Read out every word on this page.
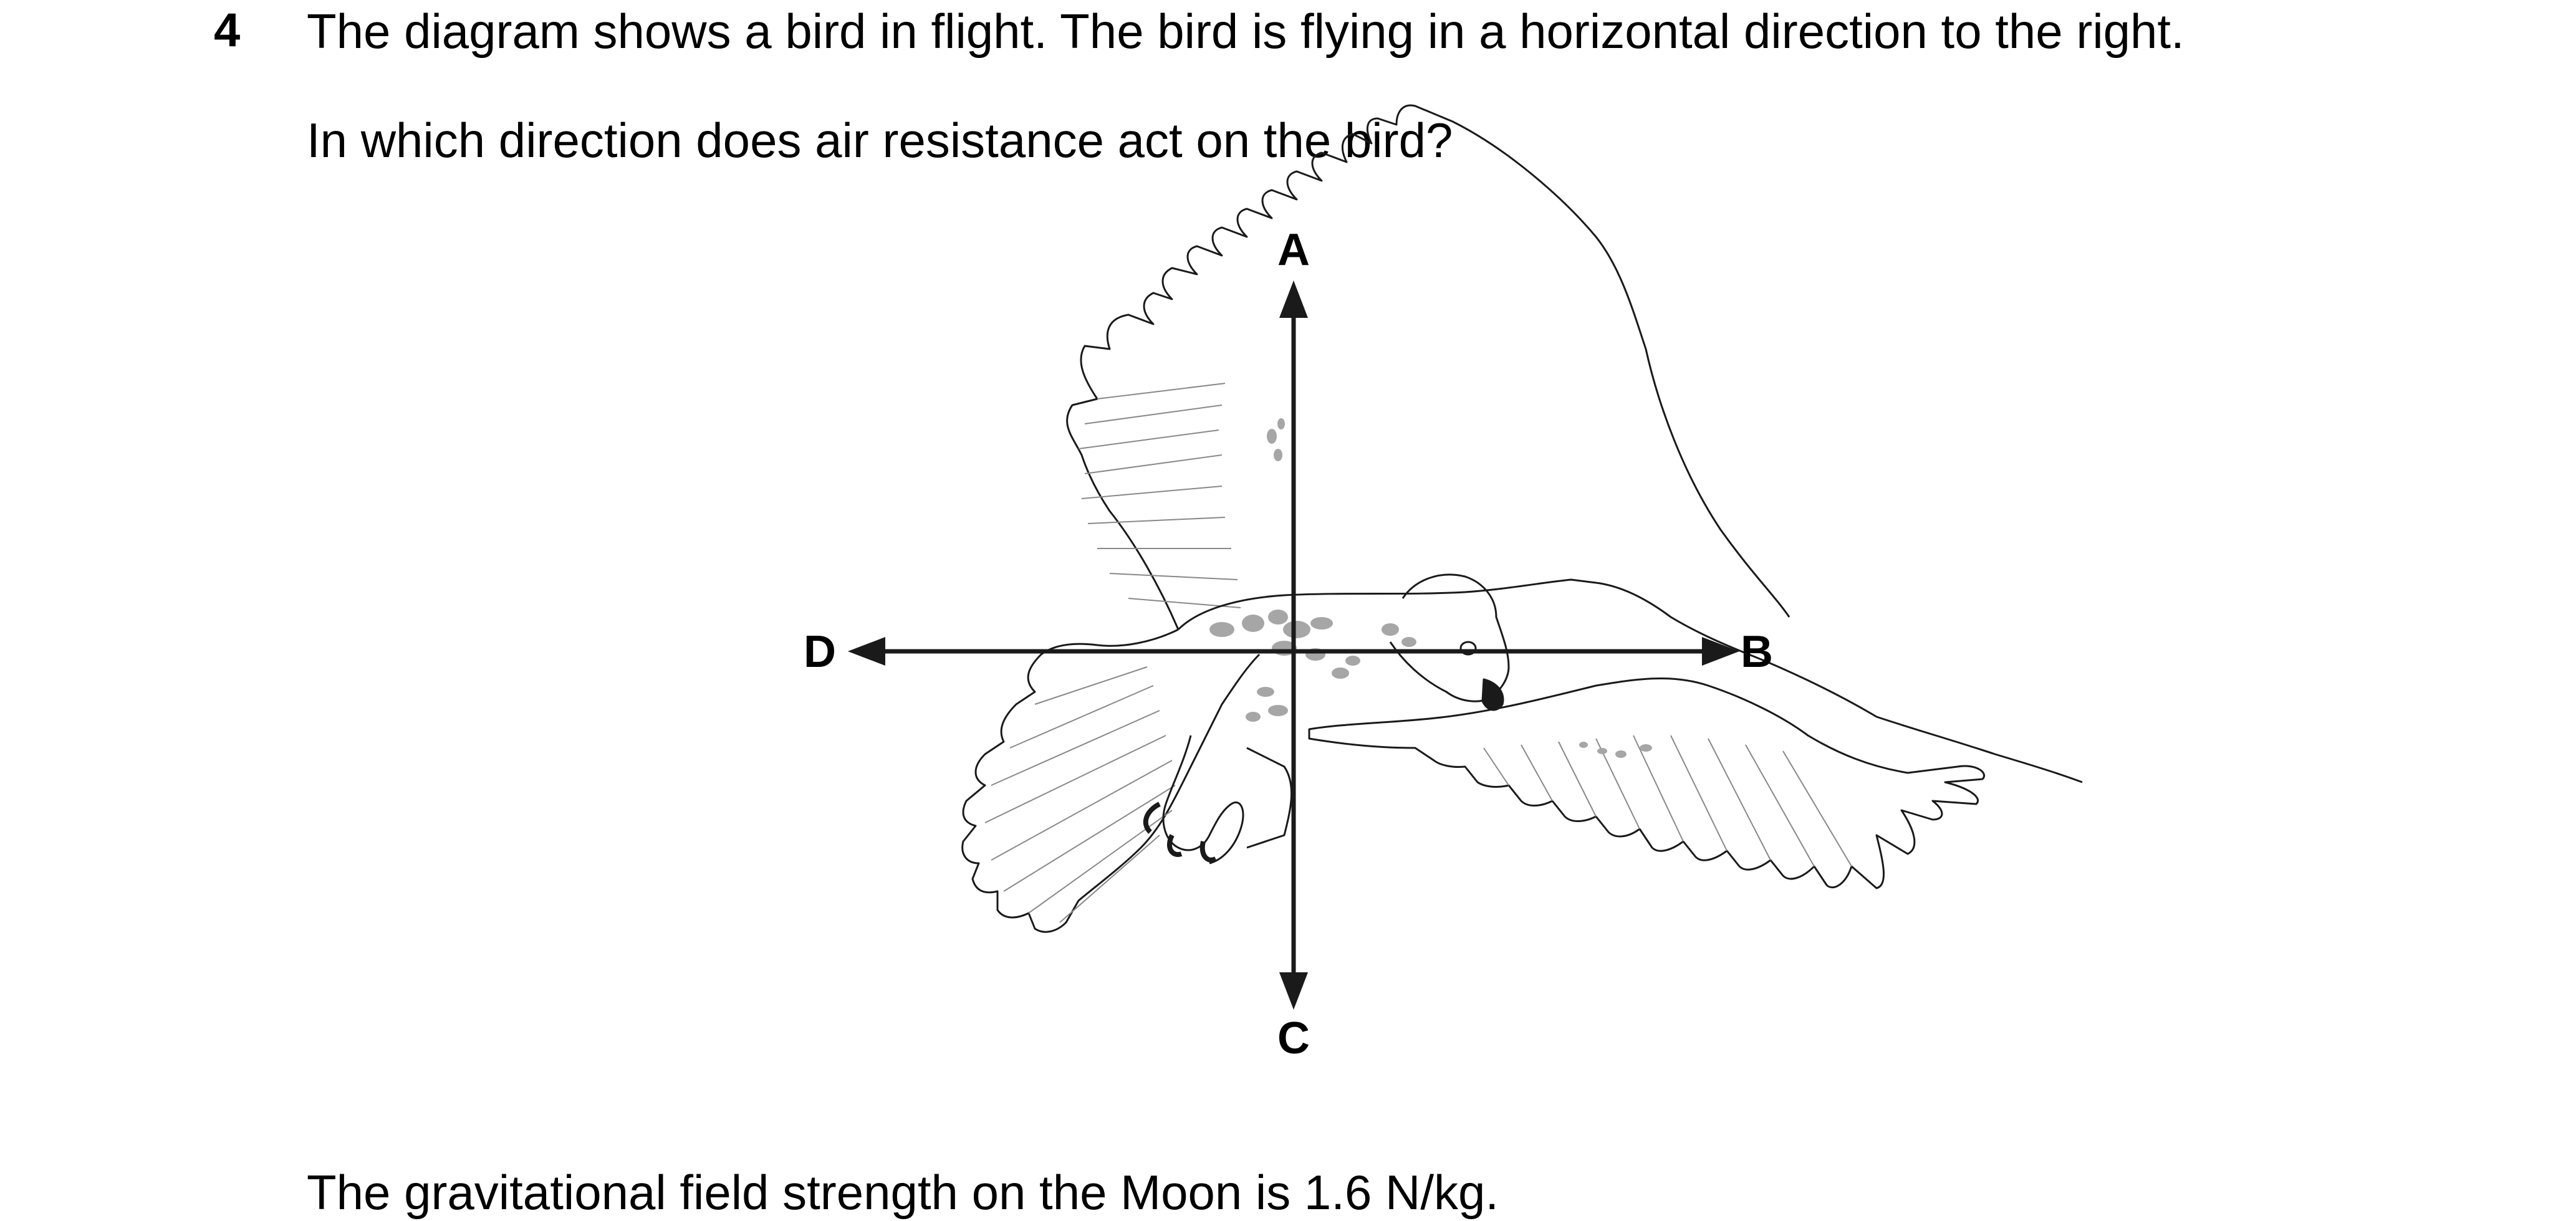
4 The diagram shows a bird in flight. The bird is flying in a horizontal direction to the right.
In which direction does air resistance act on the bird?
A
B
C
D
The gravitational field strength on the Moon is 1.6 N/kg.
